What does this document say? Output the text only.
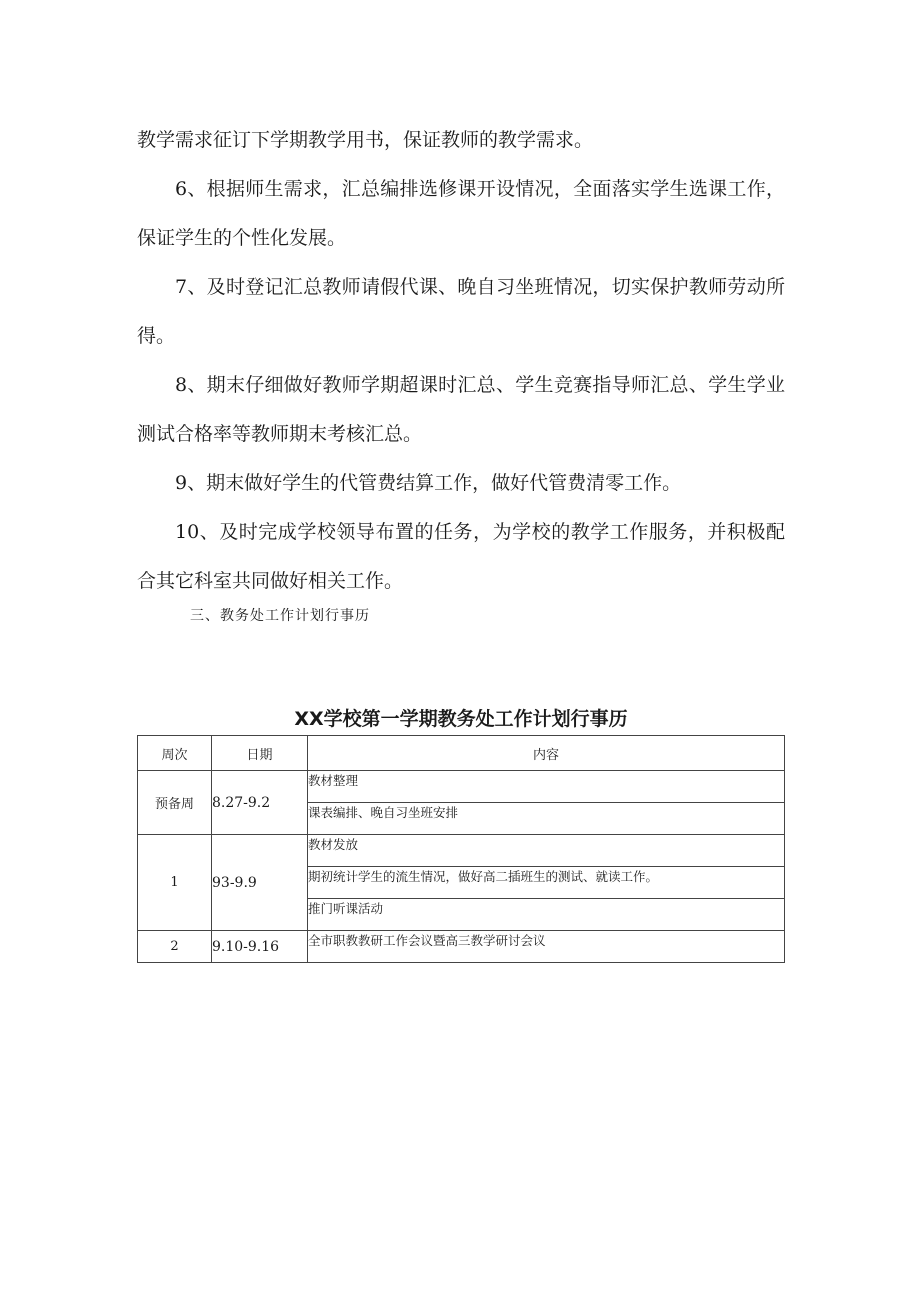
教学需求征订下学期教学用书，保证教师的教学需求。

6、根据师生需求，汇总编排选修课开设情况，全面落实学生选课工作，保证学生的个性化发展。

7、及时登记汇总教师请假代课、晚自习坐班情况，切实保护教师劳动所得。

8、期末仔细做好教师学期超课时汇总、学生竞赛指导师汇总、学生学业测试合格率等教师期末考核汇总。

9、期末做好学生的代管费结算工作，做好代管费清零工作。

10、及时完成学校领导布置的任务，为学校的教学工作服务，并积极配合其它科室共同做好相关工作。

三、教务处工作计划行事历

XX学校第一学期教务处工作计划行事历

周次	日期	内容
预备周	8.27-9.2	教材整理
		课表编排、晚自习坐班安排
1	93-9.9	教材发放
		期初统计学生的流生情况，做好高二插班生的测试、就读工作。
		推门听课活动
2	9.10-9.16	全市职教教研工作会议暨高三教学研讨会议
